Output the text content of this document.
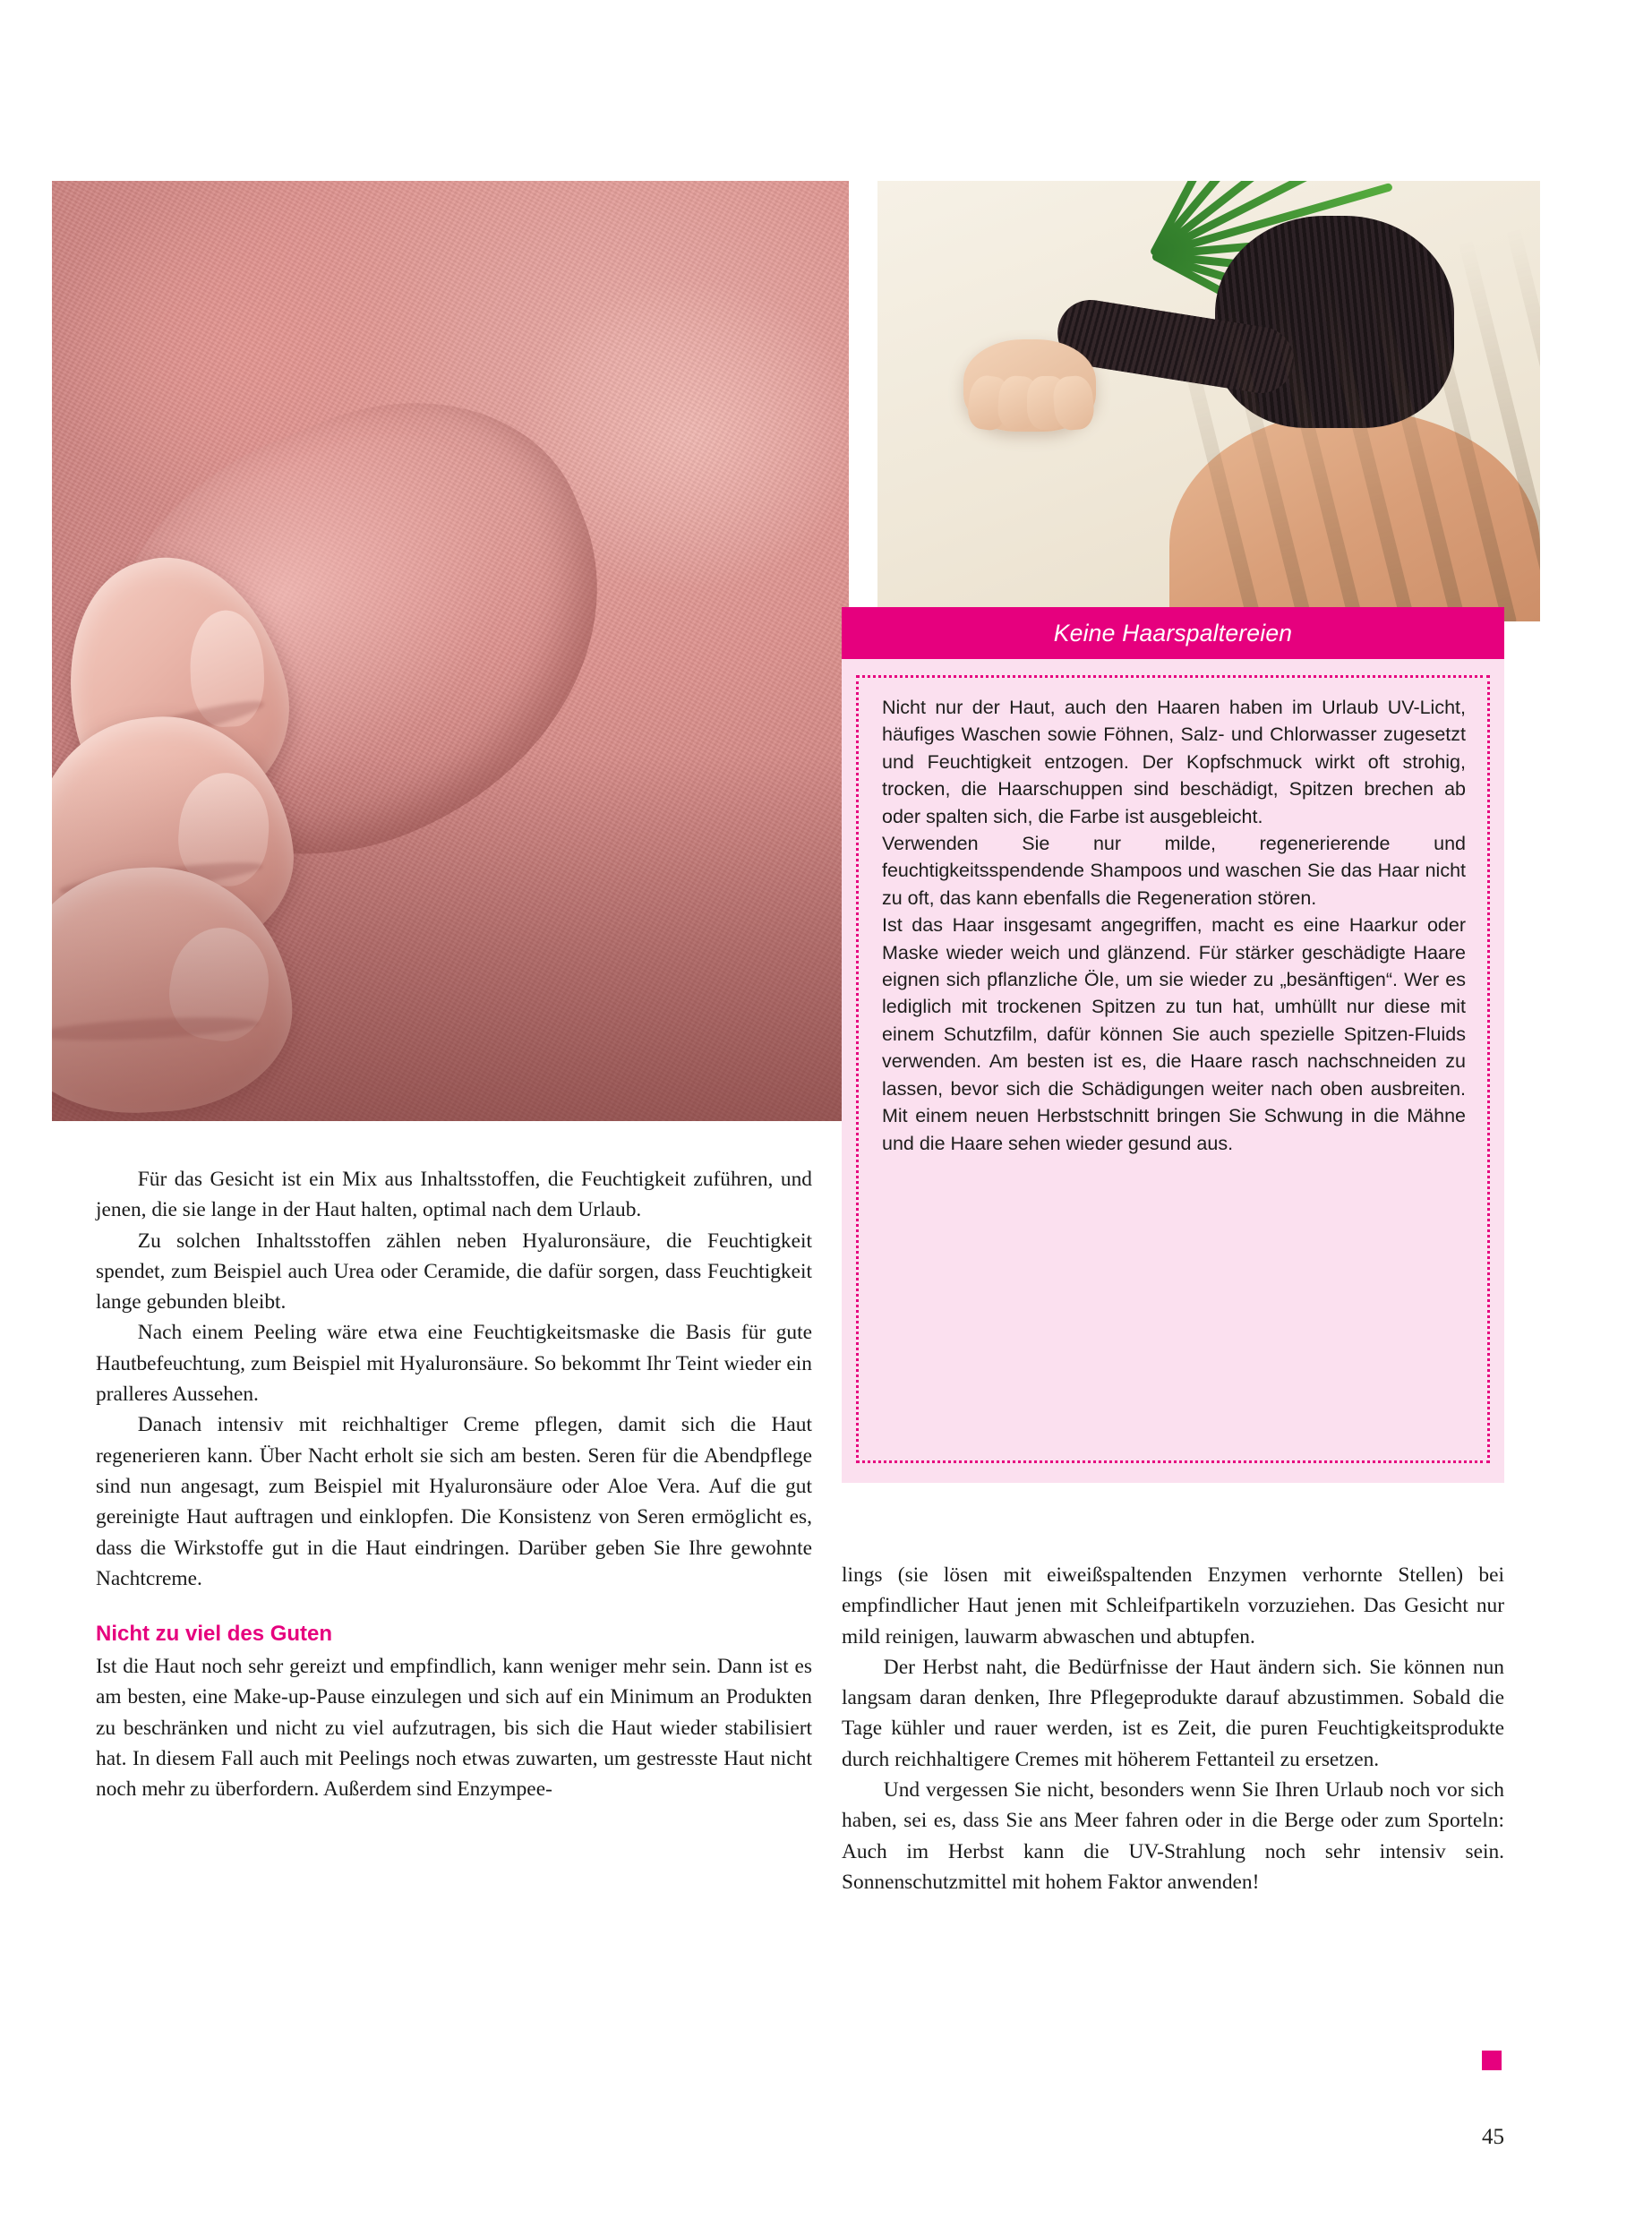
Keine Haarspaltereien

Nicht nur der Haut, auch den Haaren haben im Urlaub UV-Licht, häufiges Waschen sowie Föhnen, Salz- und Chlorwasser zugesetzt und Feuchtigkeit entzogen. Der Kopfschmuck wirkt oft strohig, trocken, die Haarschuppen sind beschädigt, Spitzen brechen ab oder spalten sich, die Farbe ist ausgebleicht.

Verwenden Sie nur milde, regenerierende und feuchtigkeitsspendende Shampoos und waschen Sie das Haar nicht zu oft, das kann ebenfalls die Regeneration stören.

Ist das Haar insgesamt angegriffen, macht es eine Haarkur oder Maske wieder weich und glänzend. Für stärker geschädigte Haare eignen sich pflanzliche Öle, um sie wieder zu „besänftigen“. Wer es lediglich mit trockenen Spitzen zu tun hat, umhüllt nur diese mit einem Schutzfilm, dafür können Sie auch spezielle Spitzen-Fluids verwenden. Am besten ist es, die Haare rasch nachschneiden zu lassen, bevor sich die Schädigungen weiter nach oben ausbreiten. Mit einem neuen Herbstschnitt bringen Sie Schwung in die Mähne und die Haare sehen wieder gesund aus.

Für das Gesicht ist ein Mix aus Inhaltsstoffen, die Feuchtigkeit zuführen, und jenen, die sie lange in der Haut halten, optimal nach dem Urlaub.

Zu solchen Inhaltsstoffen zählen neben Hyaluronsäure, die Feuchtigkeit spendet, zum Beispiel auch Urea oder Ceramide, die dafür sorgen, dass Feuchtigkeit lange gebunden bleibt.

Nach einem Peeling wäre etwa eine Feuchtigkeitsmaske die Basis für gute Hautbefeuchtung, zum Beispiel mit Hyaluronsäure. So bekommt Ihr Teint wieder ein pralleres Aussehen.

Danach intensiv mit reichhaltiger Creme pflegen, damit sich die Haut regenerieren kann. Über Nacht erholt sie sich am besten. Seren für die Abendpflege sind nun angesagt, zum Beispiel mit Hyaluronsäure oder Aloe Vera. Auf die gut gereinigte Haut auftragen und einklopfen. Die Konsistenz von Seren ermöglicht es, dass die Wirkstoffe gut in die Haut eindringen. Darüber geben Sie Ihre gewohnte Nachtcreme.

Nicht zu viel des Guten

Ist die Haut noch sehr gereizt und empfindlich, kann weniger mehr sein. Dann ist es am besten, eine Make-up-Pause einzulegen und sich auf ein Minimum an Produkten zu beschränken und nicht zu viel aufzutragen, bis sich die Haut wieder stabilisiert hat. In diesem Fall auch mit Peelings noch etwas zuwarten, um gestresste Haut nicht noch mehr zu überfordern. Außerdem sind Enzympee-

lings (sie lösen mit eiweißspaltenden Enzymen verhornte Stellen) bei empfindlicher Haut jenen mit Schleifpartikeln vorzuziehen. Das Gesicht nur mild reinigen, lauwarm abwaschen und abtupfen.

Der Herbst naht, die Bedürfnisse der Haut ändern sich. Sie können nun langsam daran denken, Ihre Pflegeprodukte darauf abzustimmen. Sobald die Tage kühler und rauer werden, ist es Zeit, die puren Feuchtigkeitsprodukte durch reichhaltigere Cremes mit höherem Fettanteil zu ersetzen.

Und vergessen Sie nicht, besonders wenn Sie Ihren Urlaub noch vor sich haben, sei es, dass Sie ans Meer fahren oder in die Berge oder zum Sporteln: Auch im Herbst kann die UV-Strahlung noch sehr intensiv sein. Sonnenschutzmittel mit hohem Faktor anwenden!

45
